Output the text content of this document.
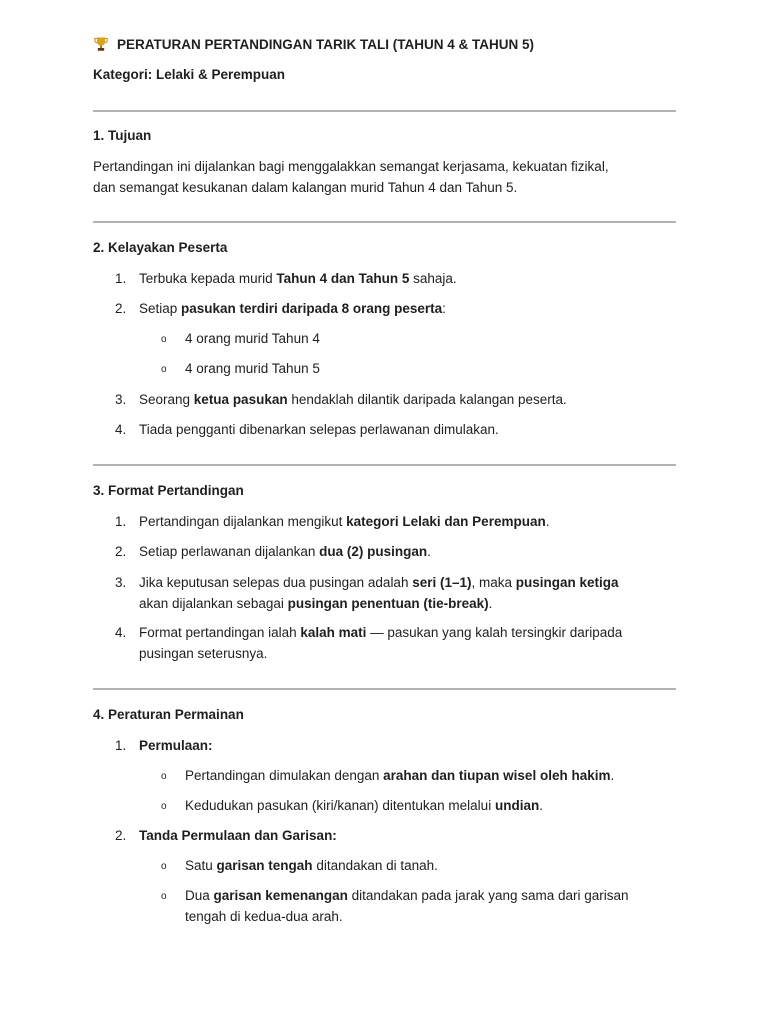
PERATURAN PERTANDINGAN TARIK TALI (TAHUN 4 & TAHUN 5)
Kategori: Lelaki & Perempuan
1. Tujuan
Pertandingan ini dijalankan bagi menggalakkan semangat kerjasama, kekuatan fizikal,
dan semangat kesukanan dalam kalangan murid Tahun 4 dan Tahun 5.
2. Kelayakan Peserta
1. Terbuka kepada murid Tahun 4 dan Tahun 5 sahaja.
2. Setiap pasukan terdiri daripada 8 orang peserta:
o 4 orang murid Tahun 4
o 4 orang murid Tahun 5
3. Seorang ketua pasukan hendaklah dilantik daripada kalangan peserta.
4. Tiada pengganti dibenarkan selepas perlawanan dimulakan.
3. Format Pertandingan
1. Pertandingan dijalankan mengikut kategori Lelaki dan Perempuan.
2. Setiap perlawanan dijalankan dua (2) pusingan.
3. Jika keputusan selepas dua pusingan adalah seri (1–1), maka pusingan ketiga
akan dijalankan sebagai pusingan penentuan (tie-break).
4. Format pertandingan ialah kalah mati — pasukan yang kalah tersingkir daripada
pusingan seterusnya.
4. Peraturan Permainan
1. Permulaan:
o Pertandingan dimulakan dengan arahan dan tiupan wisel oleh hakim.
o Kedudukan pasukan (kiri/kanan) ditentukan melalui undian.
2. Tanda Permulaan dan Garisan:
o Satu garisan tengah ditandakan di tanah.
o Dua garisan kemenangan ditandakan pada jarak yang sama dari garisan
tengah di kedua-dua arah.
